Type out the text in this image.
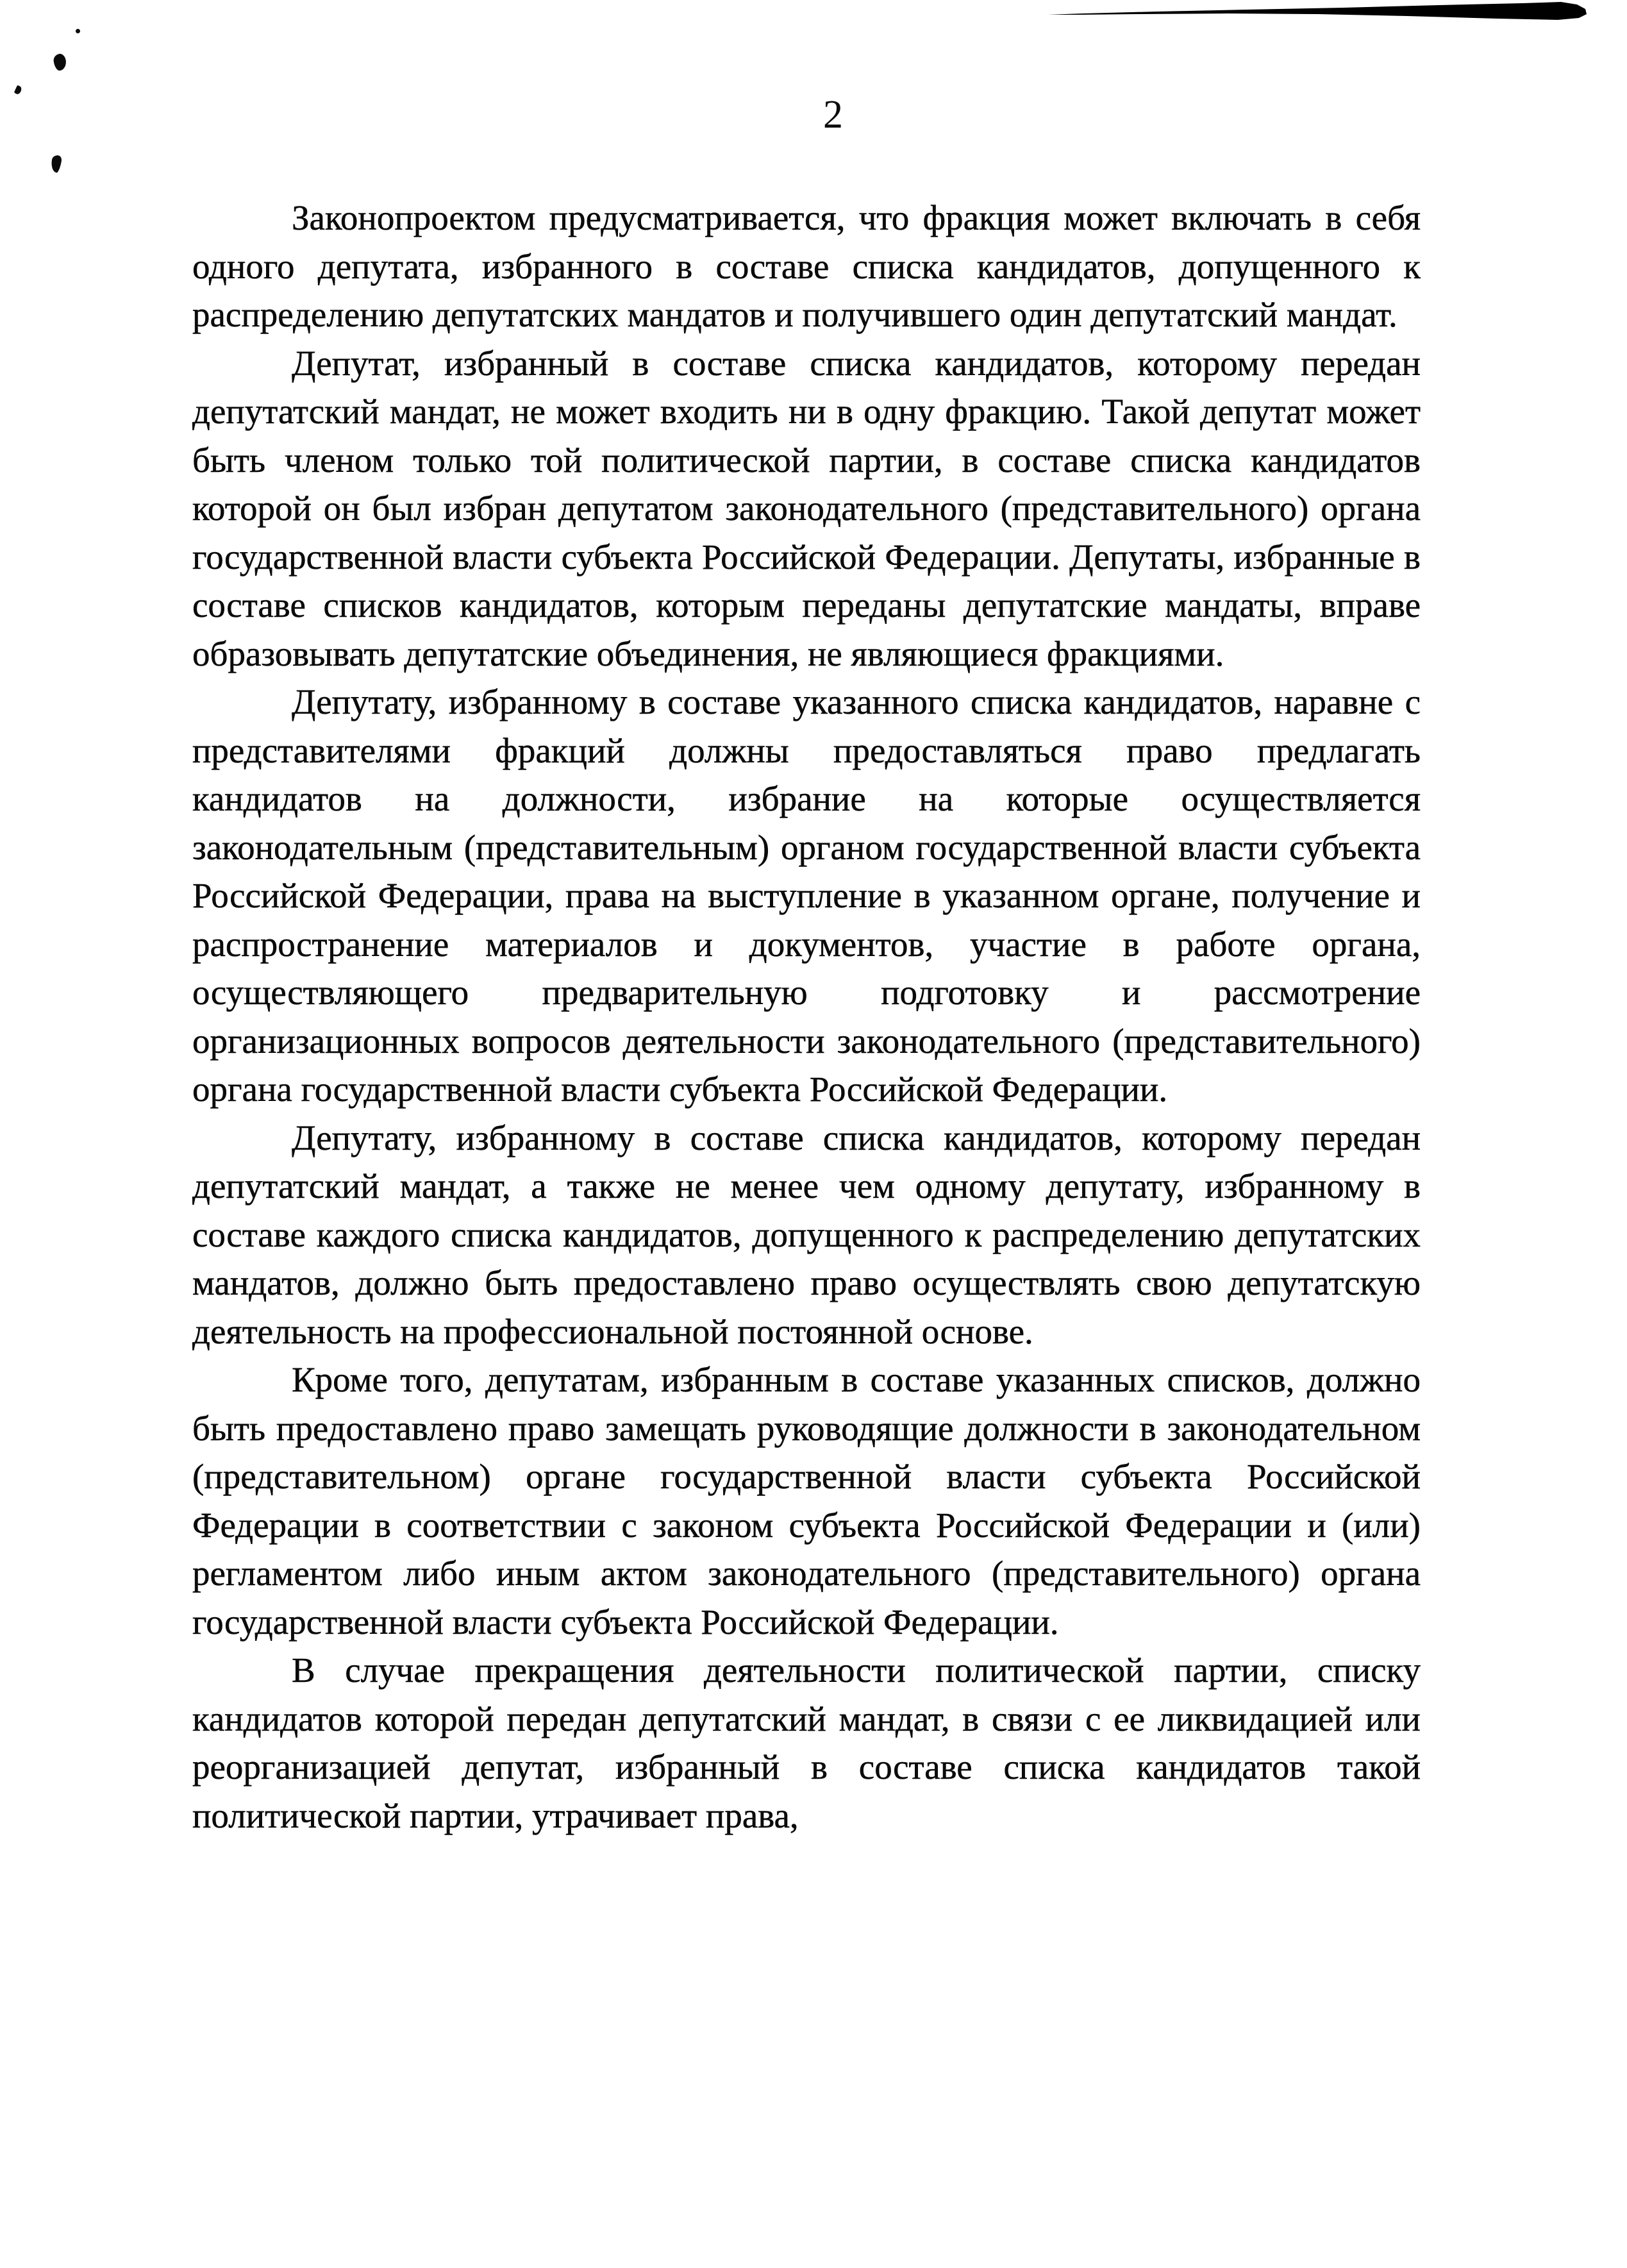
2

Законопроектом предусматривается, что фракция может включать в себя одного депутата, избранного в составе списка кандидатов, допущенного к распределению депутатских мандатов и получившего один депутатский мандат.

Депутат, избранный в составе списка кандидатов, которому передан депутатский мандат, не может входить ни в одну фракцию. Такой депутат может быть членом только той политической партии, в составе списка кандидатов которой он был избран депутатом законодательного (представительного) органа государственной власти субъекта Российской Федерации. Депутаты, избранные в составе списков кандидатов, которым переданы депутатские мандаты, вправе образовывать депутатские объединения, не являющиеся фракциями.

Депутату, избранному в составе указанного списка кандидатов, наравне с представителями фракций должны предоставляться право предлагать кандидатов на должности, избрание на которые осуществляется законодательным (представительным) органом государственной власти субъекта Российской Федерации, права на выступление в указанном органе, получение и распространение материалов и документов, участие в работе органа, осуществляющего предварительную подготовку и рассмотрение организационных вопросов деятельности законодательного (представительного) органа государственной власти субъекта Российской Федерации.

Депутату, избранному в составе списка кандидатов, которому передан депутатский мандат, а также не менее чем одному депутату, избранному в составе каждого списка кандидатов, допущенного к распределению депутатских мандатов, должно быть предоставлено право осуществлять свою депутатскую деятельность на профессиональной постоянной основе.

Кроме того, депутатам, избранным в составе указанных списков, должно быть предоставлено право замещать руководящие должности в законодательном (представительном) органе государственной власти субъекта Российской Федерации в соответствии с законом субъекта Российской Федерации и (или) регламентом либо иным актом законодательного (представительного) органа государственной власти субъекта Российской Федерации.

В случае прекращения деятельности политической партии, списку кандидатов которой передан депутатский мандат, в связи с ее ликвидацией или реорганизацией депутат, избранный в составе списка кандидатов такой политической партии, утрачивает права,
